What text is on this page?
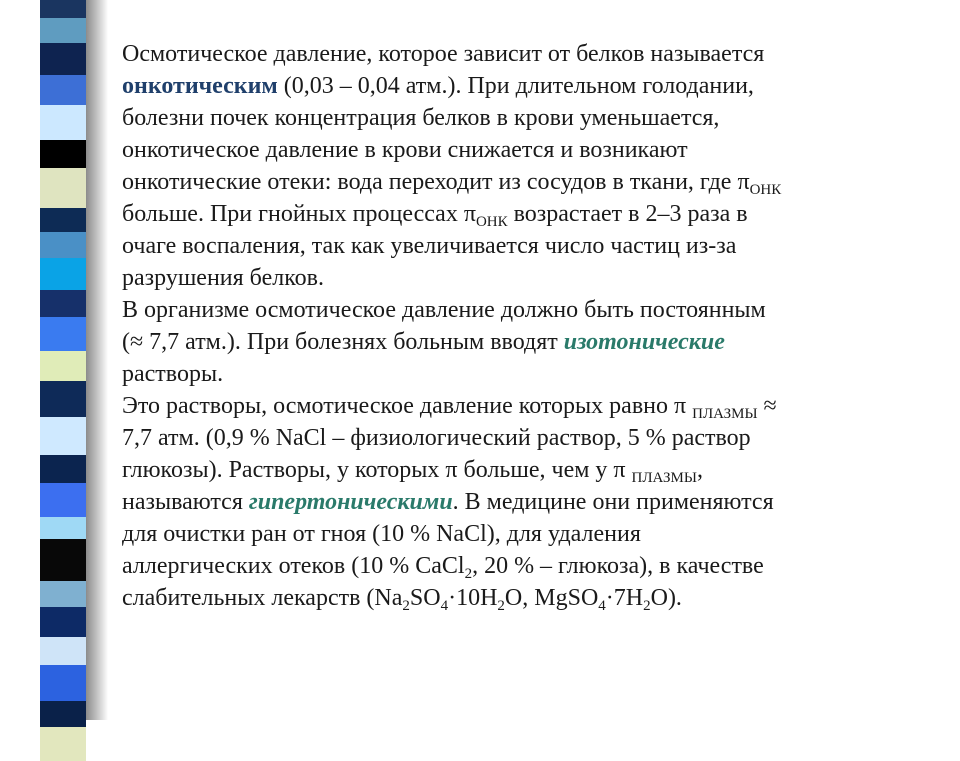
Осмотическое давление, которое зависит от белков называется
онкотическим (0,03 – 0,04 атм.). При длительном голодании,
болезни почек концентрация белков в крови уменьшается,
онкотическое давление в крови снижается и возникают
онкотические отеки: вода переходит из сосудов в ткани, где $\pi_{ОНК}$
больше. При гнойных процессах $\pi_{ОНК}$ возрастает в 2–3 раза в
очаге воспаления, так как увеличивается число частиц из-за
разрушения белков.

В организме осмотическое давление должно быть постоянным
(≈ 7,7 атм.). При болезнях больным вводят изотонические
растворы.

Это растворы, осмотическое давление которых равно π $_{ПЛАЗМЫ}$ ≈
7,7 атм. (0,9 % NaCl – физиологический раствор, 5 % раствор
глюкозы). Растворы, у которых π больше, чем у π $_{ПЛАЗМЫ}$,
называются гипертоническими. В медицине они применяются
для очистки ран от гноя (10 % NaCl), для удаления
аллергических отеков (10 % CaCl$_2$, 20 % – глюкоза), в качестве
слабительных лекарств ($Na_2SO_4\cdot 10H_2O$, $MgSO_4\cdot 7H_2O$).
